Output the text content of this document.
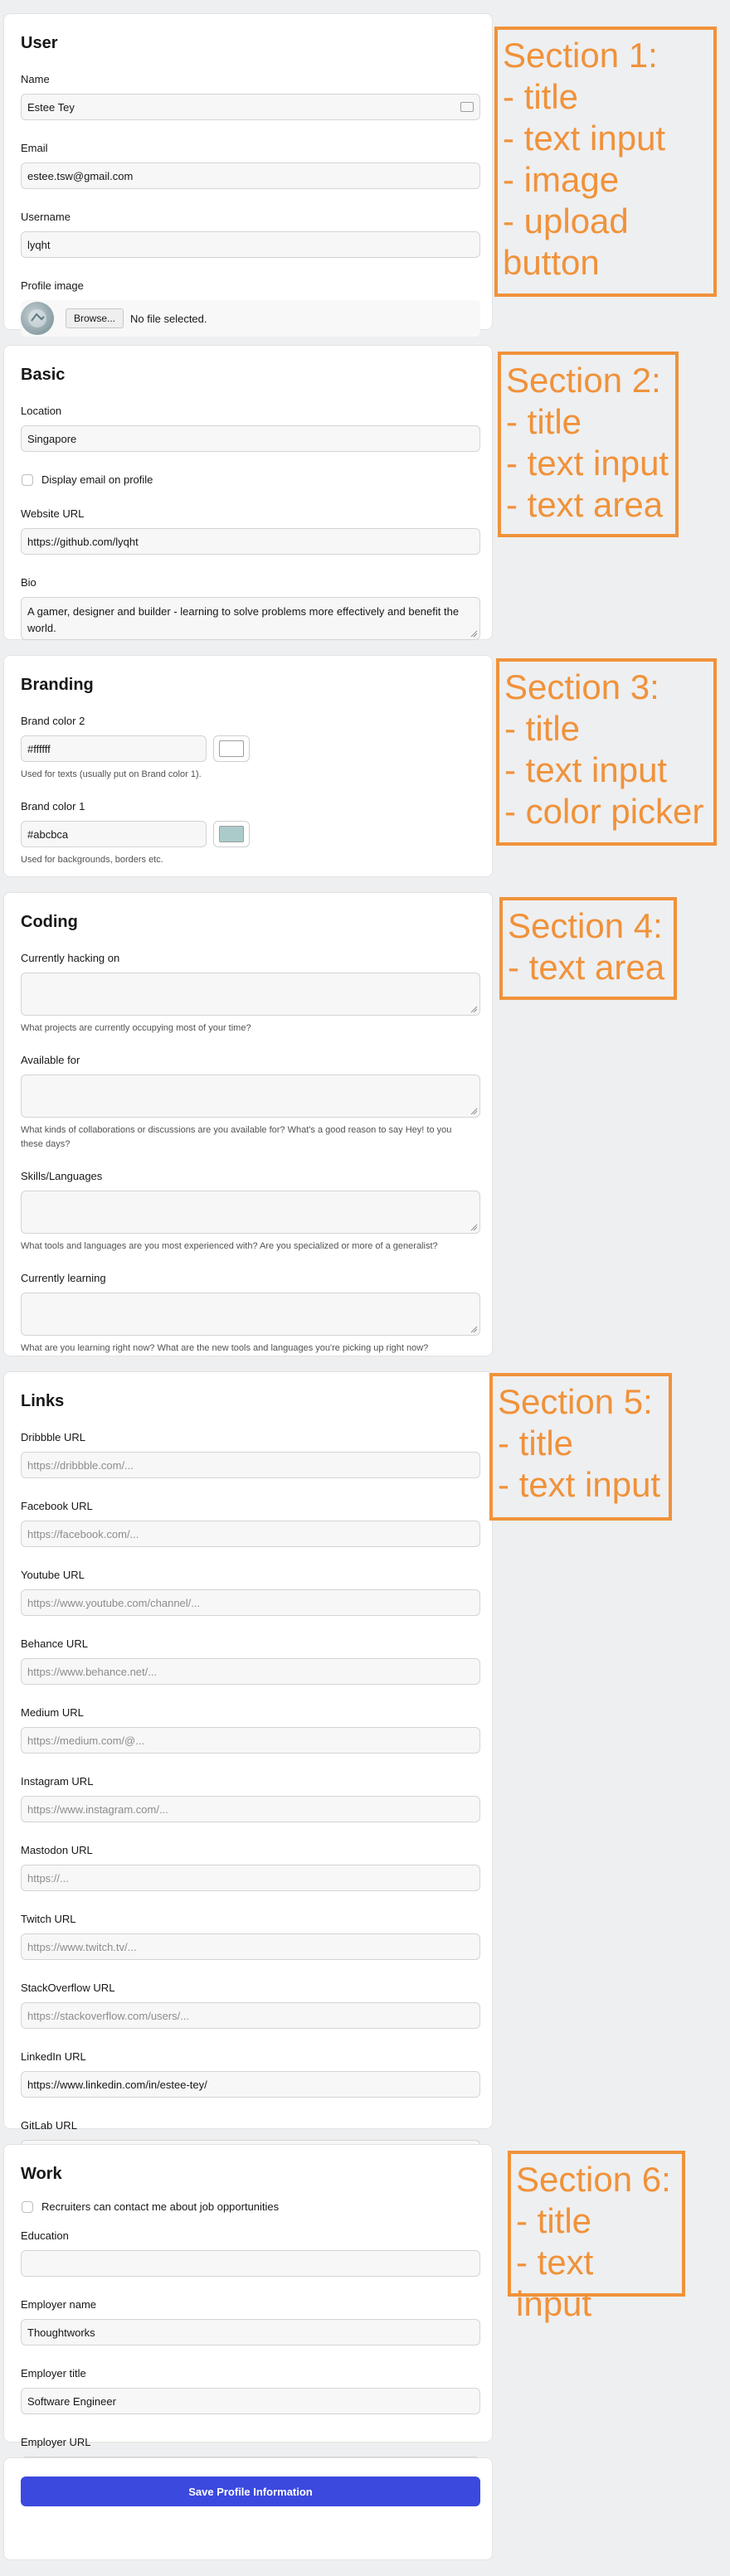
User
Name
Estee Tey
Email
estee.tsw@gmail.com
Username
lyqht
Profile image
Browse...	No file selected.
Basic
Location
Singapore
Display email on profile
Website URL
https://github.com/lyqht
Bio
A gamer, designer and builder - learning to solve problems more effectively and benefit the world.
Branding
Brand color 2
#ffffff
Used for texts (usually put on Brand color 1).
Brand color 1
#abcbca
Used for backgrounds, borders etc.
Coding
Currently hacking on
What projects are currently occupying most of your time?
Available for
What kinds of collaborations or discussions are you available for? What's a good reason to say Hey! to you these days?
Skills/Languages
What tools and languages are you most experienced with? Are you specialized or more of a generalist?
Currently learning
What are you learning right now? What are the new tools and languages you're picking up right now?
Links
Dribbble URL
https://dribbble.com/...
Facebook URL
https://facebook.com/...
Youtube URL
https://www.youtube.com/channel/...
Behance URL
https://www.behance.net/...
Medium URL
https://medium.com/@...
Instagram URL
https://www.instagram.com/...
Mastodon URL
https://...
Twitch URL
https://www.twitch.tv/...
StackOverflow URL
https://stackoverflow.com/users/...
LinkedIn URL
https://www.linkedin.com/in/estee-tey/
GitLab URL
Work
Recruiters can contact me about job opportunities
Education
Employer name
Thoughtworks
Employer title
Software Engineer
Employer URL
Save Profile Information
Section 1:
- title
- text input
- image
- upload
button
Section 2:
- title
- text input
- text area
Section 3:
- title
- text input
- color picker
Section 4:
- text area
Section 5:
- title
- text input
Section 6:
- title
- text input
